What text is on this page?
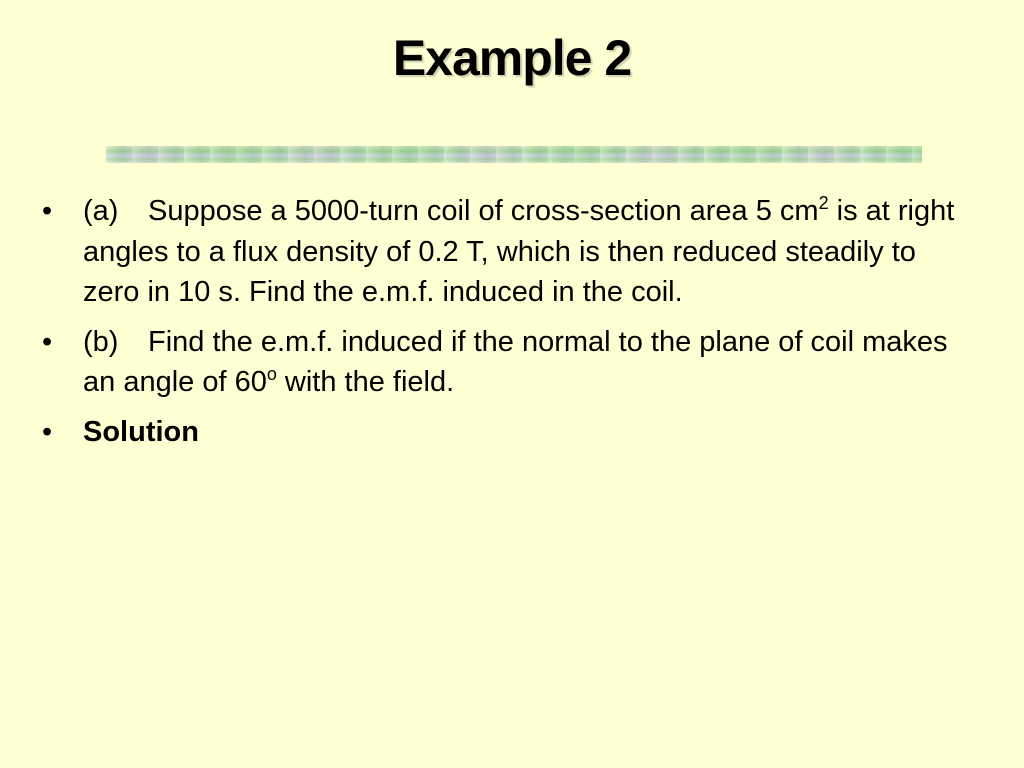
Example 2
• (a) Suppose a 5000-turn coil of cross-section area 5 $cm^2$ is at right angles to a flux density of 0.2 T, which is then reduced steadily to zero in 10 s. Find the e.m.f. induced in the coil.
• (b) Find the e.m.f. induced if the normal to the plane of coil makes an angle of 60$^o$ with the field.
• Solution
